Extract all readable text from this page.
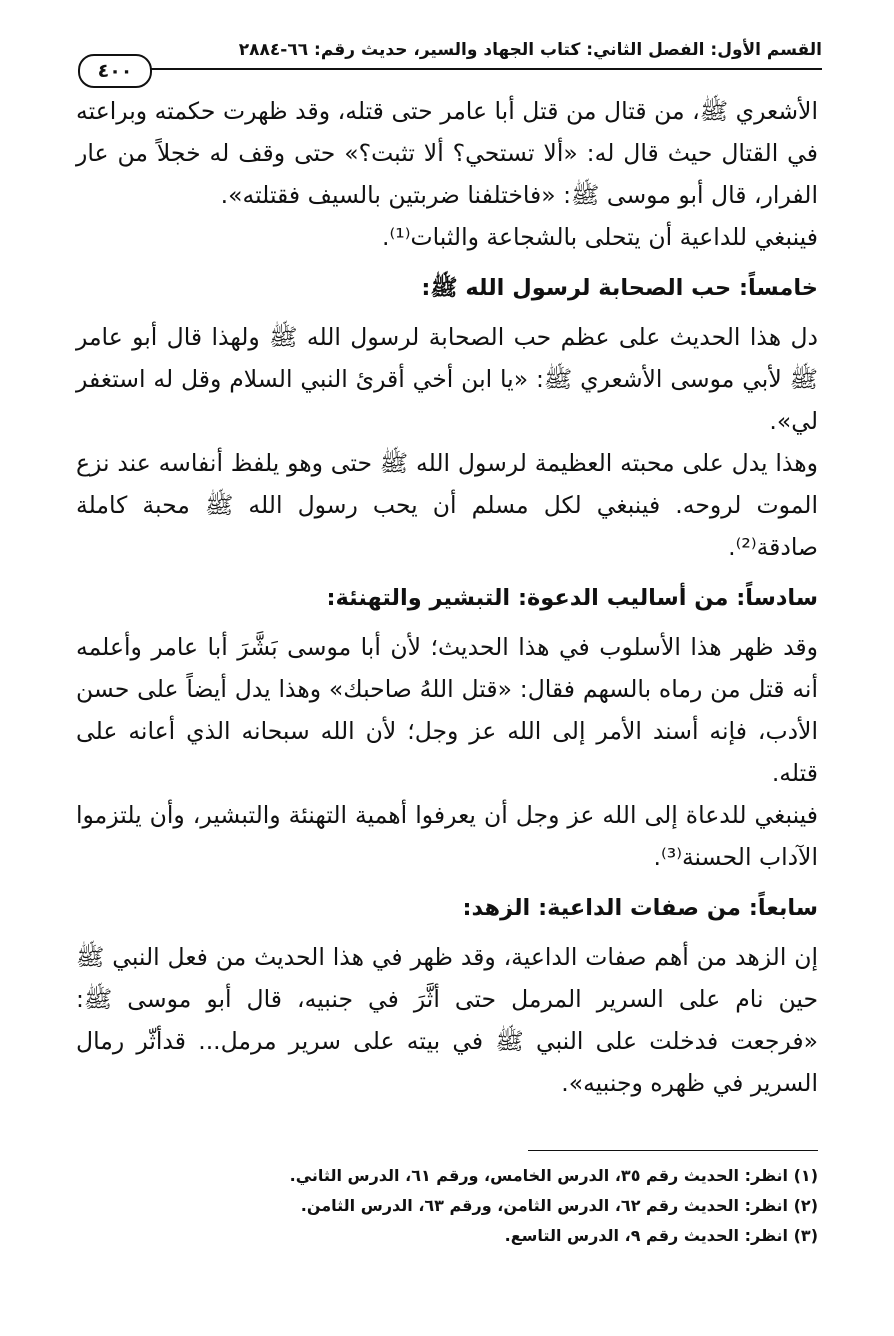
القسم الأول: الفصل الثاني: كتاب الجهاد والسير، حديث رقم: ٦٦-٢٨٨٤
٤٠٠

الأشعري ﷺ، من قتال من قتل أبا عامر حتى قتله، وقد ظهرت حكمته وبراعته في القتال حيث قال له: «ألا تستحي؟ ألا تثبت؟» حتى وقف له خجلاً من عار الفرار، قال أبو موسى ﷺ: «فاختلفنا ضربتين بالسيف فقتلته».

فينبغي للداعية أن يتحلى بالشجاعة والثبات⁽¹⁾.

خامساً: حب الصحابة لرسول الله ﷺ:

دل هذا الحديث على عظم حب الصحابة لرسول الله ﷺ ولهذا قال أبو عامر ﷺ لأبي موسى الأشعري ﷺ: «يا ابن أخي أقرئ النبي السلام وقل له استغفر لي».

وهذا يدل على محبته العظيمة لرسول الله ﷺ حتى وهو يلفظ أنفاسه عند نزع الموت لروحه. فينبغي لكل مسلم أن يحب رسول الله ﷺ محبة كاملة صادقة⁽²⁾.

سادساً: من أساليب الدعوة: التبشير والتهنئة:

وقد ظهر هذا الأسلوب في هذا الحديث؛ لأن أبا موسى بَشَّرَ أبا عامر وأعلمه أنه قتل من رماه بالسهم فقال: «قتل اللهُ صاحبك» وهذا يدل أيضاً على حسن الأدب، فإنه أسند الأمر إلى الله عز وجل؛ لأن الله سبحانه الذي أعانه على قتله.

فينبغي للدعاة إلى الله عز وجل أن يعرفوا أهمية التهنئة والتبشير، وأن يلتزموا الآداب الحسنة⁽³⁾.

سابعاً: من صفات الداعية: الزهد:

إن الزهد من أهم صفات الداعية، وقد ظهر في هذا الحديث من فعل النبي ﷺ حين نام على السرير المرمل حتى أثَّرَ في جنبيه، قال أبو موسى ﷺ: «فرجعت فدخلت على النبي ﷺ في بيته على سرير مرمل... قدأثّر رمال السرير في ظهره وجنبيه».

(١) انظر: الحديث رقم ٣٥، الدرس الخامس، ورقم ٦١، الدرس الثاني.

(٢) انظر: الحديث رقم ٦٢، الدرس الثامن، ورقم ٦٣، الدرس الثامن.

(٣) انظر: الحديث رقم ٩، الدرس التاسع.
